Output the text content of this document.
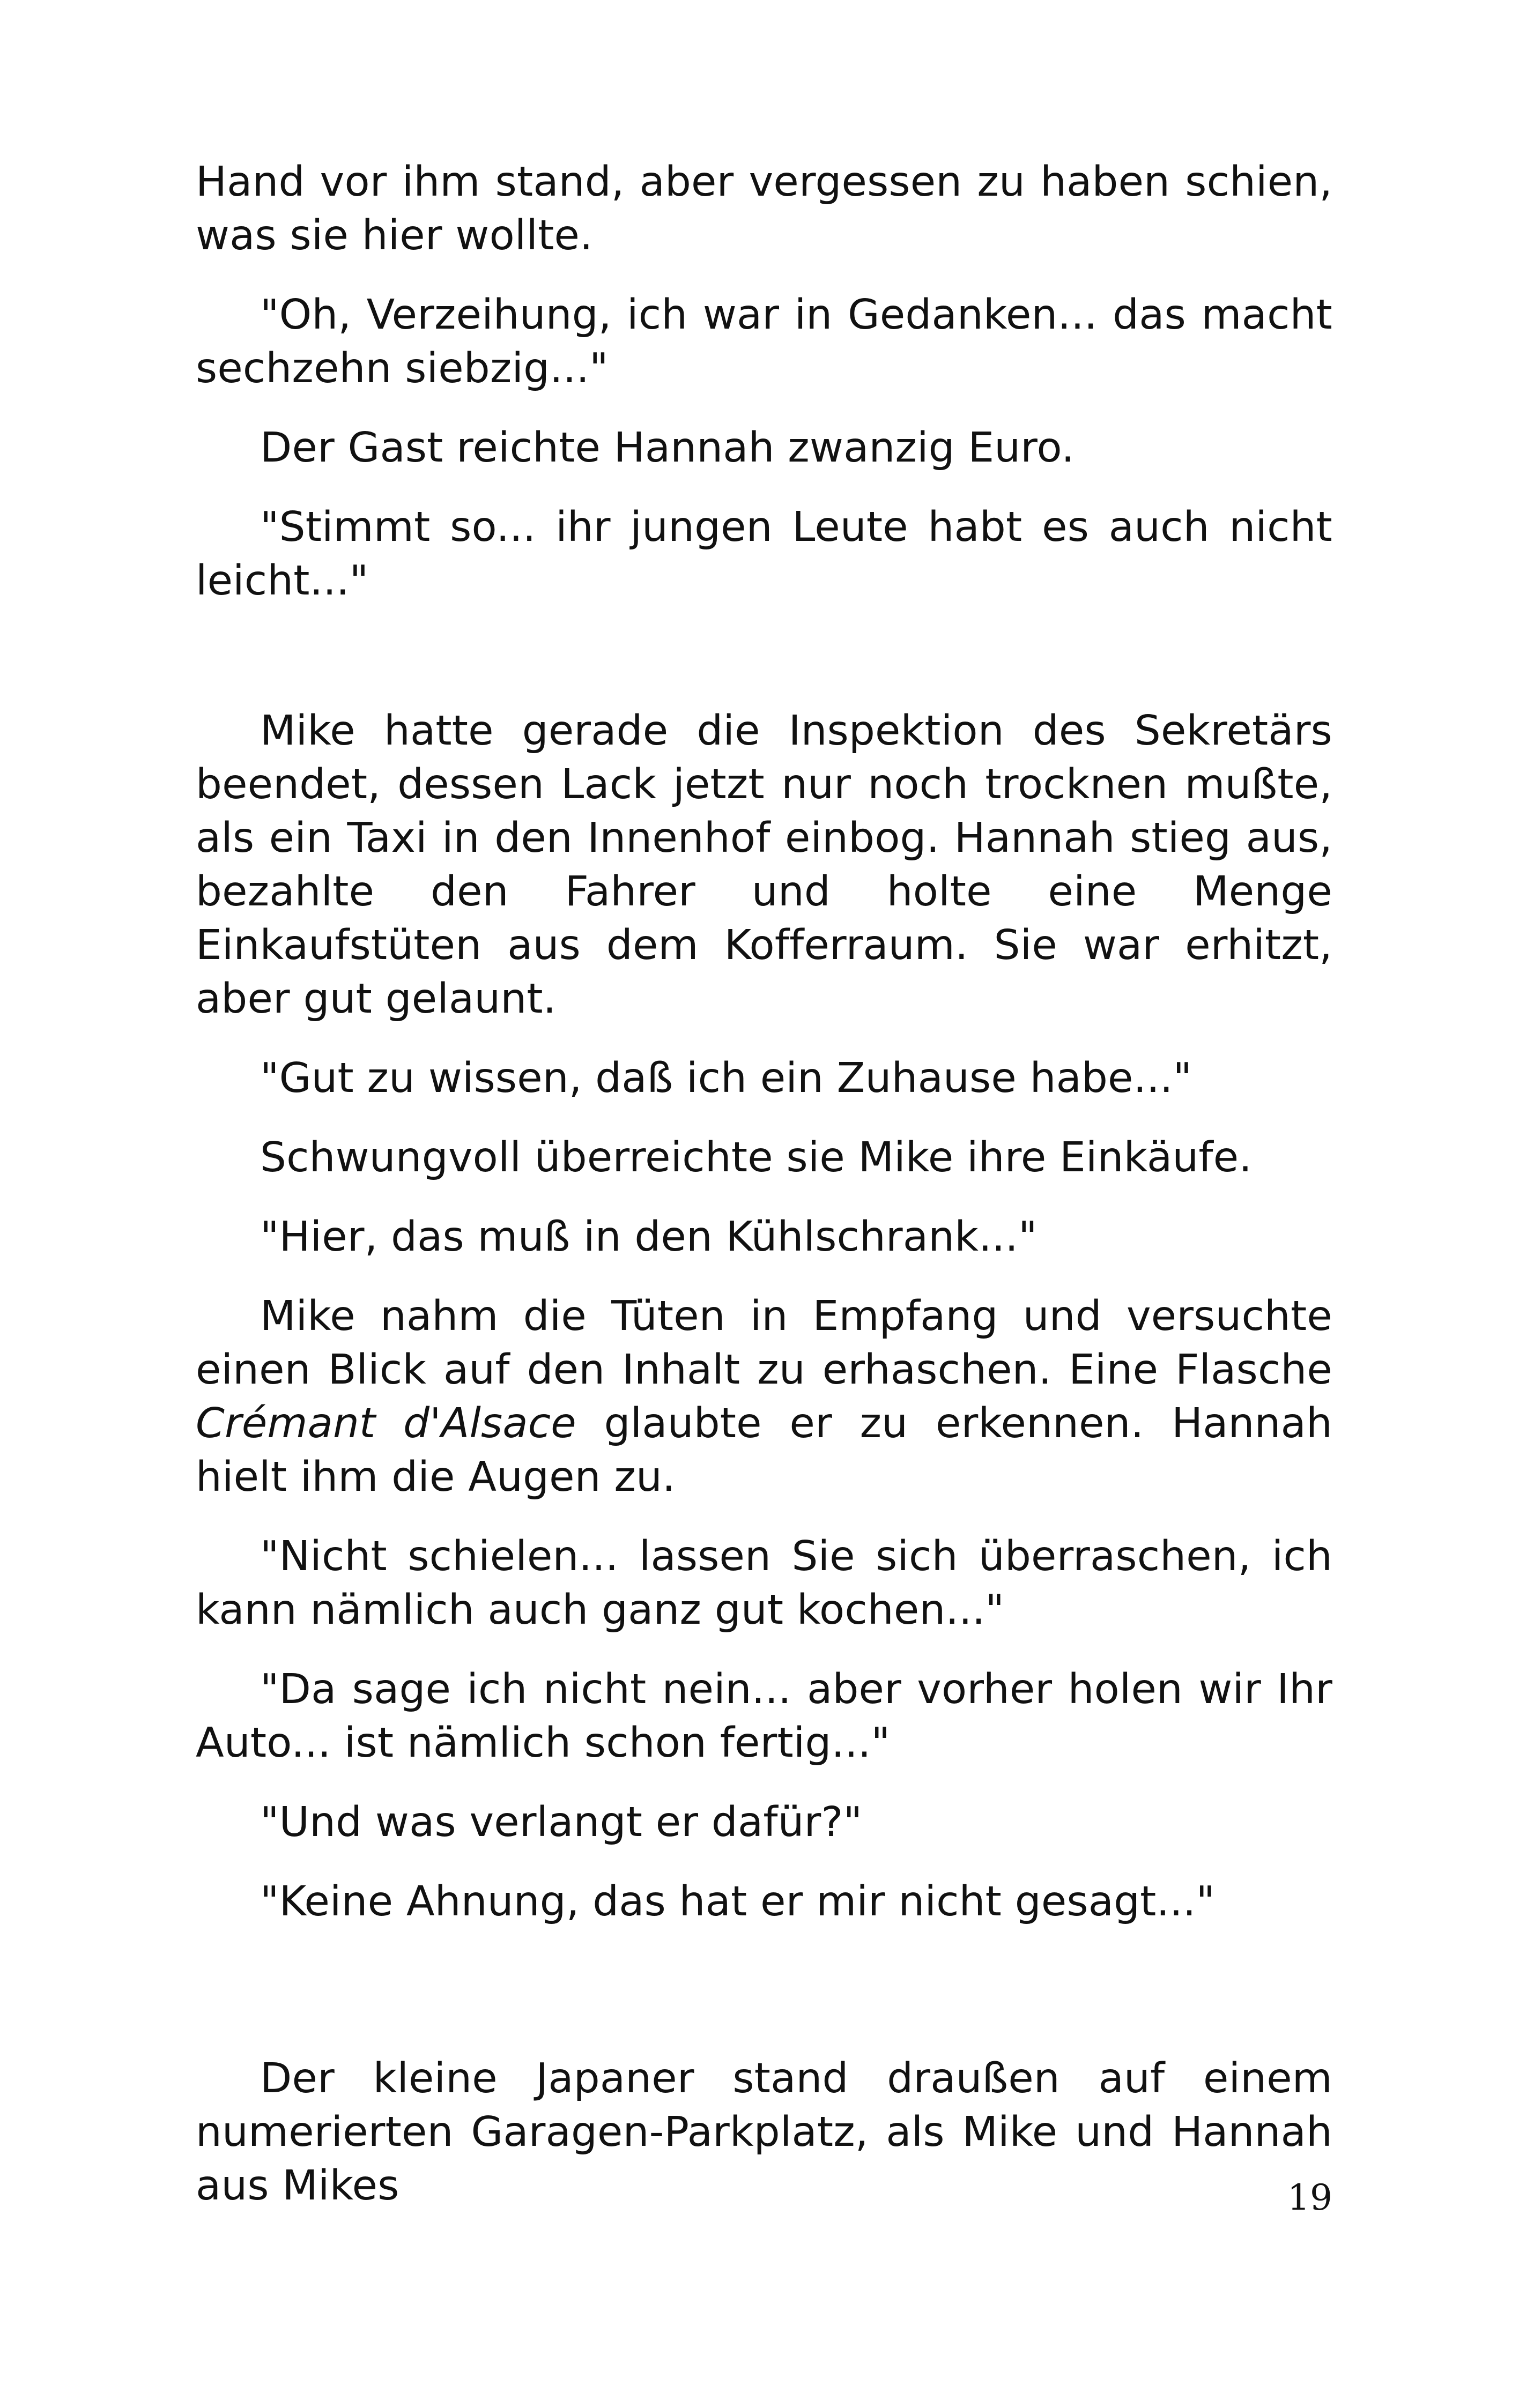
Hand vor ihm stand, aber vergessen zu haben schien, was sie hier wollte.

"Oh, Verzeihung, ich war in Gedanken... das macht sechzehn siebzig..."

Der Gast reichte Hannah zwanzig Euro.

"Stimmt so... ihr jungen Leute habt es auch nicht leicht..."

Mike hatte gerade die Inspektion des Sekretärs beendet, dessen Lack jetzt nur noch trocknen mußte, als ein Taxi in den Innenhof einbog. Hannah stieg aus, bezahlte den Fahrer und holte eine Menge Einkaufstüten aus dem Kofferraum. Sie war erhitzt, aber gut gelaunt.

"Gut zu wissen, daß ich ein Zuhause habe..."

Schwungvoll überreichte sie Mike ihre Einkäufe.

"Hier, das muß in den Kühlschrank..."

Mike nahm die Tüten in Empfang und versuchte einen Blick auf den Inhalt zu erhaschen. Eine Flasche Crémant d'Alsace glaubte er zu erkennen. Hannah hielt ihm die Augen zu.

"Nicht schielen... lassen Sie sich überraschen, ich kann nämlich auch ganz gut kochen..."

"Da sage ich nicht nein... aber vorher holen wir Ihr Auto... ist nämlich schon fertig..."

"Und was verlangt er dafür?"

"Keine Ahnung, das hat er mir nicht gesagt..."

Der kleine Japaner stand draußen auf einem numerierten Garagen-Parkplatz, als Mike und Hannah aus Mikes	19
